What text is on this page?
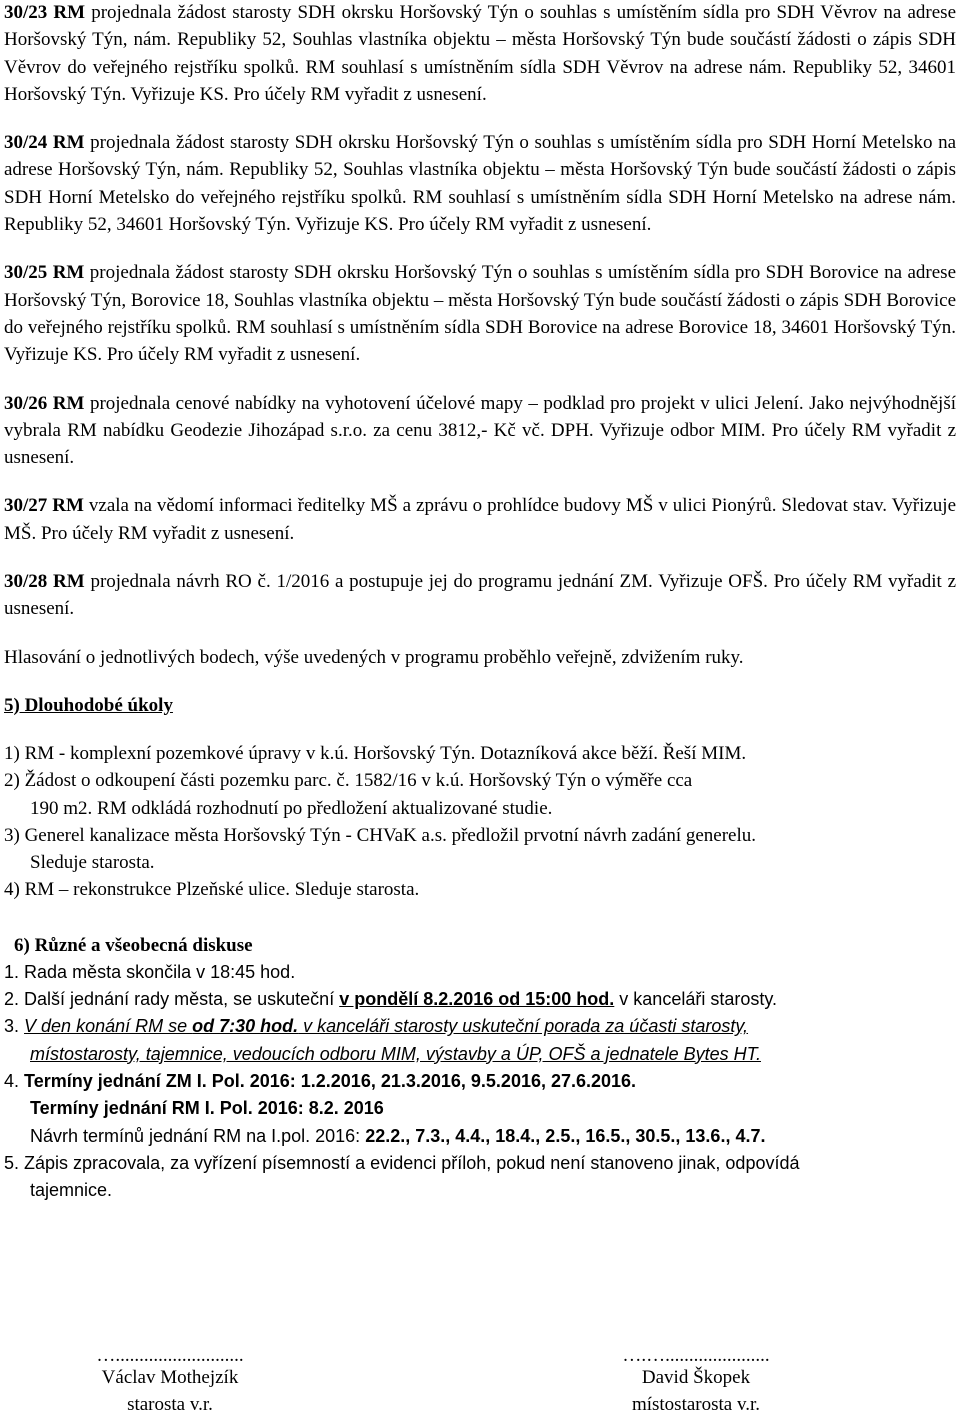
30/23 RM projednala žádost starosty SDH okrsku Horšovský Týn o souhlas s umístěním sídla pro SDH Věvrov na adrese Horšovský Týn, nám. Republiky 52, Souhlas vlastníka objektu – města Horšovský Týn bude součástí žádosti o zápis SDH Věvrov do veřejného rejstříku spolků. RM souhlasí s umístněním sídla SDH Věvrov na adrese nám. Republiky 52, 34601 Horšovský Týn. Vyřizuje KS. Pro účely RM vyřadit z usnesení.

30/24 RM projednala žádost starosty SDH okrsku Horšovský Týn o souhlas s umístěním sídla pro SDH Horní Metelsko na adrese Horšovský Týn, nám. Republiky 52, Souhlas vlastníka objektu – města Horšovský Týn bude součástí žádosti o zápis SDH Horní Metelsko do veřejného rejstříku spolků. RM souhlasí s umístněním sídla SDH Horní Metelsko na adrese nám. Republiky 52, 34601 Horšovský Týn. Vyřizuje KS. Pro účely RM vyřadit z usnesení.

30/25 RM projednala žádost starosty SDH okrsku Horšovský Týn o souhlas s umístěním sídla pro SDH Borovice na adrese Horšovský Týn, Borovice 18, Souhlas vlastníka objektu – města Horšovský Týn bude součástí žádosti o zápis SDH Borovice do veřejného rejstříku spolků. RM souhlasí s umístněním sídla SDH Borovice na adrese Borovice 18, 34601 Horšovský Týn. Vyřizuje KS. Pro účely RM vyřadit z usnesení.

30/26 RM projednala cenové nabídky na vyhotovení účelové mapy – podklad pro projekt v ulici Jelení. Jako nejvýhodnější vybrala RM nabídku Geodezie Jihozápad s.r.o. za cenu 3812,- Kč vč. DPH. Vyřizuje odbor MIM. Pro účely RM vyřadit z usnesení.

30/27 RM vzala na vědomí informaci ředitelky MŠ a zprávu o prohlídce budovy MŠ v ulici Pionýrů. Sledovat stav. Vyřizuje MŠ. Pro účely RM vyřadit z usnesení.

30/28 RM projednala návrh RO č. 1/2016 a postupuje jej do programu jednání ZM. Vyřizuje OFŠ. Pro účely RM vyřadit z usnesení.

Hlasování o jednotlivých bodech, výše uvedených v programu proběhlo veřejně, zdvižením ruky.

5) Dlouhodobé úkoly

1) RM - komplexní pozemkové úpravy v k.ú. Horšovský Týn. Dotazníková akce běží. Řeší MIM.

2) Žádost o odkoupení části pozemku parc. č. 1582/16 v k.ú. Horšovský Týn o výměře cca
190 m2. RM odkládá rozhodnutí po předložení aktualizované studie.

3) Generel kanalizace města Horšovský Týn - CHVaK a.s. předložil prvotní návrh zadání generelu.
Sleduje starosta.

4) RM – rekonstrukce Plzeňské ulice. Sleduje starosta.

6) Různé a všeobecná diskuse

1. Rada města skončila v 18:45 hod.

2. Další jednání rady města, se uskuteční v pondělí 8.2.2016 od 15:00 hod. v kanceláři starosty.

3. V den konání RM se od 7:30 hod. v kanceláři starosty uskuteční porada za účasti starosty,
místostarosty, tajemnice, vedoucích odboru MIM, výstavby a ÚP, OFŠ a jednatele Bytes HT.

4. Termíny jednání ZM I. Pol. 2016: 1.2.2016, 21.3.2016, 9.5.2016, 27.6.2016.
Termíny jednání RM I. Pol. 2016: 8.2. 2016
Návrh termínů jednání RM na I.pol. 2016: 22.2., 7.3., 4.4., 18.4., 2.5., 16.5., 30.5., 13.6., 4.7.

5. Zápis zpracovala, za vyřízení písemností a evidenci příloh, pokud není stanoveno jinak, odpovídá
tajemnice.

…...........................
Václav Mothejzík
starosta v.r.
….…......................
David Škopek
místostarosta v.r.
